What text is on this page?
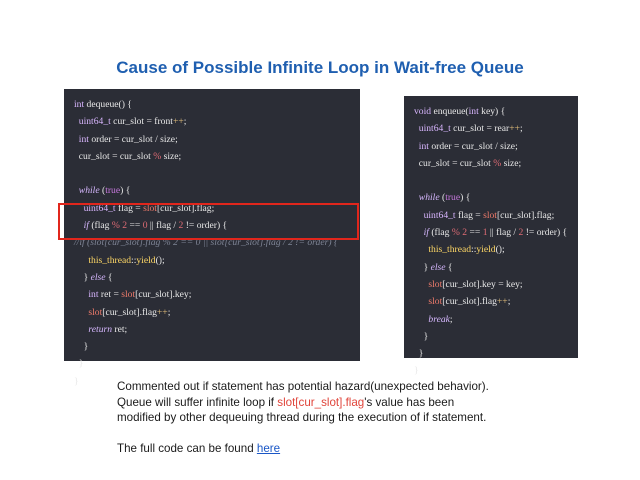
Cause of Possible Infinite Loop in Wait-free Queue
int dequeue() {
uint64_t cur_slot = front++;
int order = cur_slot / size;
cur_slot = cur_slot % size;

while (true) {
uint64_t flag = slot[cur_slot].flag;
if (flag % 2 == 0 || flag / 2 != order) {
//if (slot[cur_slot].flag % 2 == 0 || slot[cur_slot].flag / 2 != order) {
this_thread::yield();
} else {
int ret = slot[cur_slot].key;
slot[cur_slot].flag++;
return ret;
}
}
}
void enqueue(int key) {
uint64_t cur_slot = rear++;
int order = cur_slot / size;
cur_slot = cur_slot % size;

while (true) {
uint64_t flag = slot[cur_slot].flag;
if (flag % 2 == 1 || flag / 2 != order) {
this_thread::yield();
} else {
slot[cur_slot].key = key;
slot[cur_slot].flag++;
break;
}
}
}
Commented out if statement has potential hazard(unexpected behavior).
Queue will suffer infinite loop if slot[cur_slot].flag's value has been
modified by other dequeuing thread during the execution of if statement.
The full code can be found here
